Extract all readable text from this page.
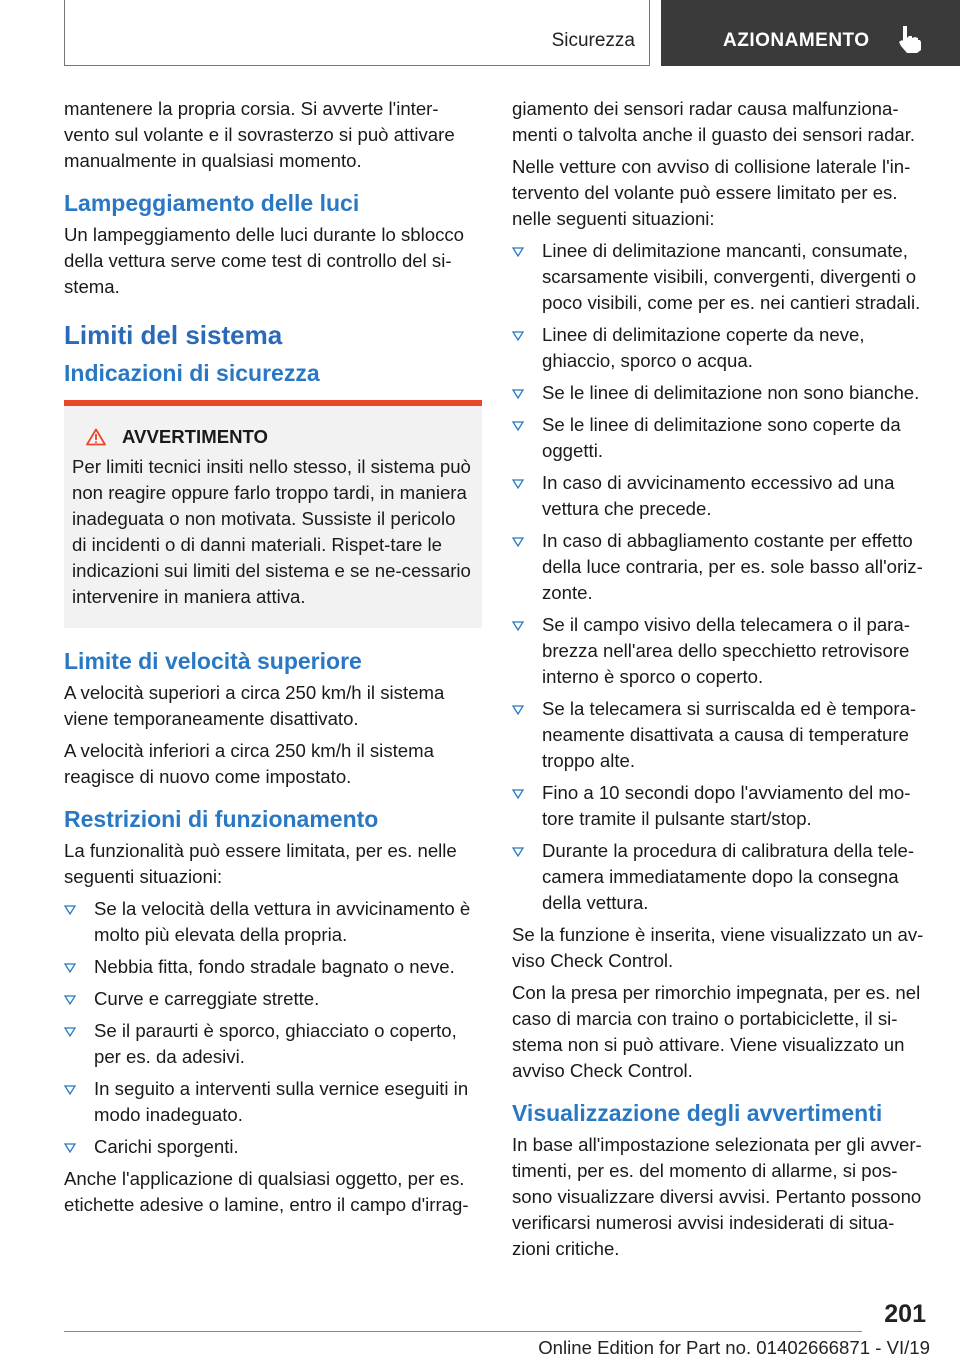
Sicurezza	AZIONAMENTO

mantenere la propria corsia. Si avverte l'inter-vento sul volante e il sovrasterzo si può attivare manualmente in qualsiasi momento.

Lampeggiamento delle luci

Un lampeggiamento delle luci durante lo sblocco della vettura serve come test di controllo del si-stema.

Limiti del sistema
Indicazioni di sicurezza
AVVERTIMENTO
Per limiti tecnici insiti nello stesso, il sistema può non reagire oppure farlo troppo tardi, in maniera inadeguata o non motivata. Sussiste il pericolo di incidenti o di danni materiali. Rispet-tare le indicazioni sui limiti del sistema e se ne-cessario intervenire in maniera attiva.
Limite di velocità superiore

A velocità superiori a circa 250 km/h il sistema viene temporaneamente disattivato.

A velocità inferiori a circa 250 km/h il sistema reagisce di nuovo come impostato.

Restrizioni di funzionamento

La funzionalità può essere limitata, per es. nelle seguenti situazioni:

Se la velocità della vettura in avvicinamento è molto più elevata della propria.
Nebbia fitta, fondo stradale bagnato o neve.
Curve e carreggiate strette.
Se il paraurti è sporco, ghiacciato o coperto, per es. da adesivi.
In seguito a interventi sulla vernice eseguiti in modo inadeguato.
Carichi sporgenti.

Anche l'applicazione di qualsiasi oggetto, per es. etichette adesive o lamine, entro il campo d'irrag-

giamento dei sensori radar causa malfunziona-menti o talvolta anche il guasto dei sensori radar.

Nelle vetture con avviso di collisione laterale l'in-tervento del volante può essere limitato per es. nelle seguenti situazioni:

Linee di delimitazione mancanti, consumate, scarsamente visibili, convergenti, divergenti o poco visibili, come per es. nei cantieri stradali.
Linee di delimitazione coperte da neve, ghiaccio, sporco o acqua.
Se le linee di delimitazione non sono bianche.
Se le linee di delimitazione sono coperte da oggetti.
In caso di avvicinamento eccessivo ad una vettura che precede.
In caso di abbagliamento costante per effetto della luce contraria, per es. sole basso all'oriz-zonte.
Se il campo visivo della telecamera o il para-brezza nell'area dello specchietto retrovisore interno è sporco o coperto.
Se la telecamera si surriscalda ed è tempora-neamente disattivata a causa di temperature troppo alte.
Fino a 10 secondi dopo l'avviamento del mo-tore tramite il pulsante start/stop.
Durante la procedura di calibratura della tele-camera immediatamente dopo la consegna della vettura.

Se la funzione è inserita, viene visualizzato un av-viso Check Control.

Con la presa per rimorchio impegnata, per es. nel caso di marcia con traino o portabiciclette, il si-stema non si può attivare. Viene visualizzato un avviso Check Control.

Visualizzazione degli avvertimenti

In base all'impostazione selezionata per gli avver-timenti, per es. del momento di allarme, si pos-sono visualizzare diversi avvisi. Pertanto possono verificarsi numerosi avvisi indesiderati di situa-zioni critiche.

201
Online Edition for Part no. 01402666871 - VI/19
